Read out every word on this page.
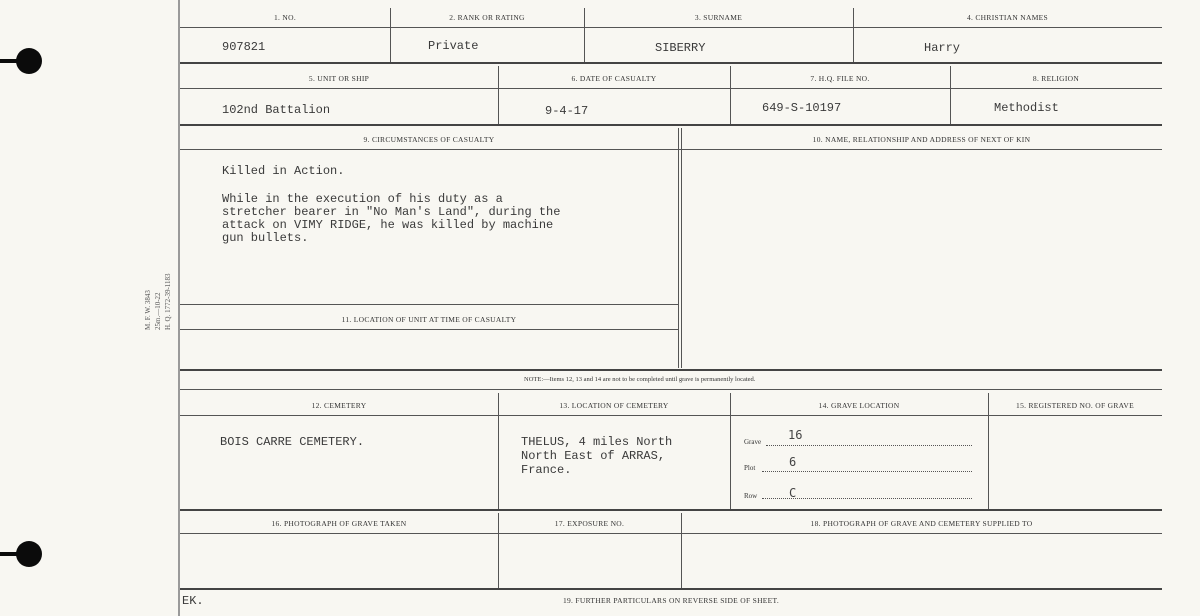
M. F. W. 3843 25m.—10-22 H. Q. 1772-39-1183
1. NO.	2. RANK OR RATING	3. SURNAME	4. CHRISTIAN NAMES
907821	Private	SIBERRY	Harry
5. UNIT OR SHIP	6. DATE OF CASUALTY	7. H.Q. FILE NO.	8. RELIGION
102nd Battalion	9-4-17	649-S-10197	Methodist
9. CIRCUMSTANCES OF CASUALTY	10. NAME, RELATIONSHIP AND ADDRESS OF NEXT OF KIN
Killed in Action.
While in the execution of his duty as a
stretcher bearer in "No Man's Land", during the
attack on VIMY RIDGE, he was killed by machine
gun bullets.
11. LOCATION OF UNIT AT TIME OF CASUALTY
NOTE:—Items 12, 13 and 14 are not to be completed until grave is permanently located.
12. CEMETERY	13. LOCATION OF CEMETERY	14. GRAVE LOCATION	15. REGISTERED NO. OF GRAVE
BOIS CARRE CEMETERY.	THELUS, 4 miles North
North East of ARRAS,
France.
Grave 16
Plot	6
Row	C
16. PHOTOGRAPH OF GRAVE TAKEN	17. EXPOSURE NO.	18. PHOTOGRAPH OF GRAVE AND CEMETERY SUPPLIED TO
EK.	19. FURTHER PARTICULARS ON REVERSE SIDE OF SHEET.
